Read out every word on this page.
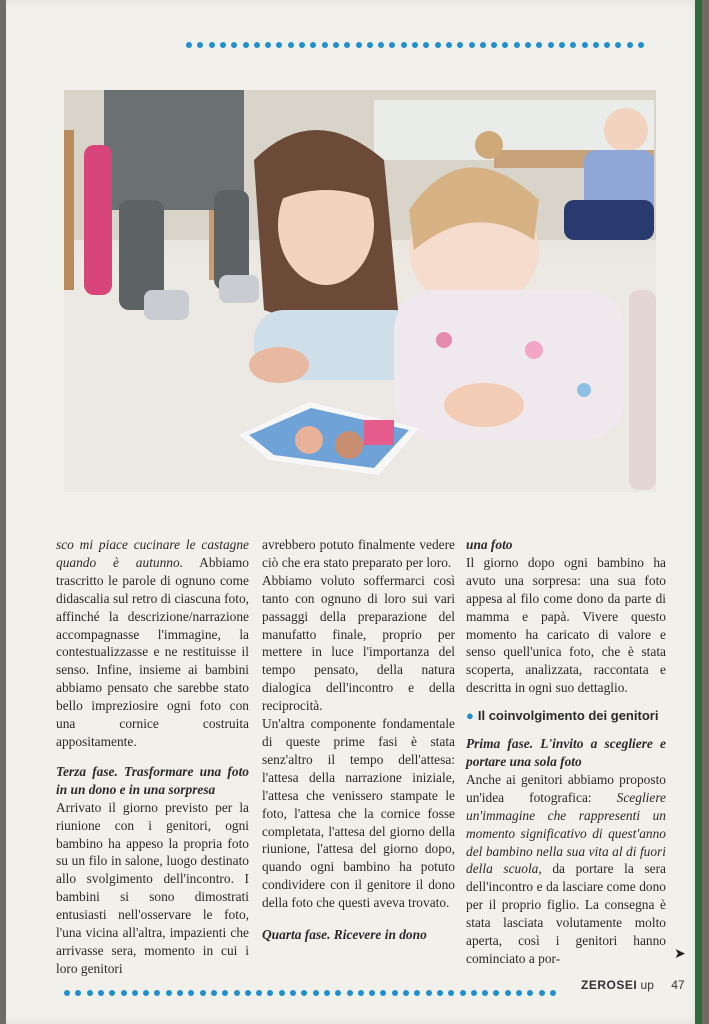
sco mi piace cucinare le castagne quando è autunno. Abbiamo trascritto le parole di ognuno come didascalia sul retro di ciascuna foto, affinché la descrizione/narrazione accompagnasse l'immagine, la contestualizzasse e ne restituisse il senso. Infine, insieme ai bambini abbiamo pensato che sarebbe stato bello impreziosire ogni foto con una cornice costruita appositamente.

Terza fase. Trasformare una foto in un dono e in una sorpresa

Arrivato il giorno previsto per la riunione con i genitori, ogni bambino ha appeso la propria foto su un filo in salone, luogo destinato allo svolgimento dell'incontro. I bambini si sono dimostrati entusiasti nell'osservare le foto, l'una vicina all'altra, impazienti che arrivasse sera, momento in cui i loro genitori

avrebbero potuto finalmente vedere ciò che era stato preparato per loro.

Abbiamo voluto soffermarci così tanto con ognuno di loro sui vari passaggi della preparazione del manufatto finale, proprio per mettere in luce l'importanza del tempo pensato, della natura dialogica dell'incontro e della reciprocità.

Un'altra componente fondamentale di queste prime fasi è stata senz'altro il tempo dell'attesa: l'attesa della narrazione iniziale, l'attesa che venissero stampate le foto, l'attesa che la cornice fosse completata, l'attesa del giorno della riunione, l'attesa del giorno dopo, quando ogni bambino ha potuto condividere con il genitore il dono della foto che questi aveva trovato.

Quarta fase. Ricevere in dono

una foto

Il giorno dopo ogni bambino ha avuto una sorpresa: una sua foto appesa al filo come dono da parte di mamma e papà. Vivere questo momento ha caricato di valore e senso quell'unica foto, che è stata scoperta, analizzata, raccontata e descritta in ogni suo dettaglio.

● Il coinvolgimento dei genitori

Prima fase. L'invito a scegliere e portare una sola foto

Anche ai genitori abbiamo proposto un'idea fotografica: Scegliere un'immagine che rappresenti un momento significativo di quest'anno del bambino nella sua vita al di fuori della scuola, da portare la sera dell'incontro e da lasciare come dono per il proprio figlio. La consegna è stata lasciata volutamente molto aperta, così i genitori hanno cominciato a por-	➤
ZEROSEI up 47
